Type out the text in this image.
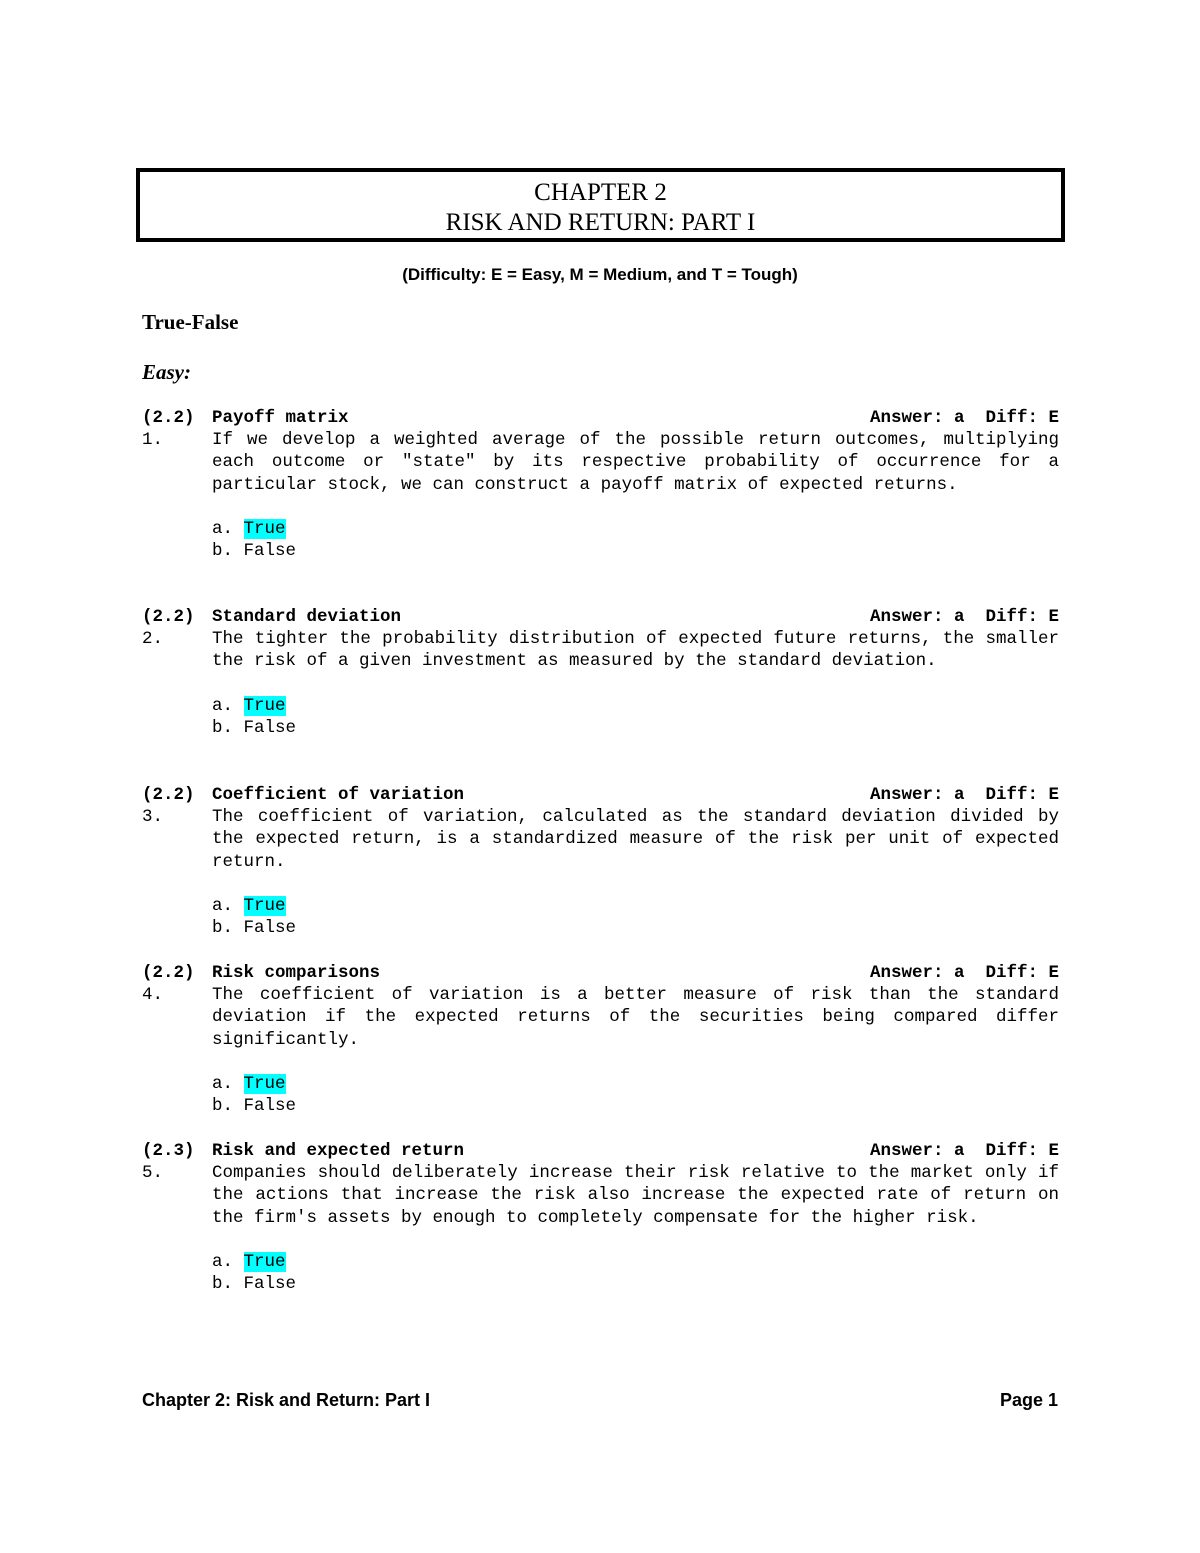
CHAPTER 2
RISK AND RETURN: PART I
(Difficulty: E = Easy, M = Medium, and T = Tough)
True-False
Easy:

(2.2)

Payoff matrix

	Answer: a  Diff: E

1.	If we develop a weighted average of the possible return outcomes, multiplying each outcome or "state" by its respective probability of occurrence for a particular stock, we can construct a payoff matrix of expected returns.
a. True
b. False

(2.2)

Standard deviation

	Answer: a  Diff: E

2.	The tighter the probability distribution of expected future returns, the smaller the risk of a given investment as measured by the standard deviation.
a. True
b. False

(2.2)

Coefficient of variation

	Answer: a  Diff: E

3.	The coefficient of variation, calculated as the standard deviation divided by the expected return, is a standardized measure of the risk per unit of expected return.
a. True
b. False

(2.2)

Risk comparisons

	Answer: a  Diff: E

4.	The coefficient of variation is a better measure of risk than the standard deviation if the expected returns of the securities being compared differ significantly.
a. True
b. False

(2.3)

Risk and expected return

	Answer: a  Diff: E

5.	Companies should deliberately increase their risk relative to the market only if the actions that increase the risk also increase the expected rate of return on the firm's assets by enough to completely compensate for the higher risk.
a. True
b. False
Chapter 2: Risk and Return: Part I	Page 1
